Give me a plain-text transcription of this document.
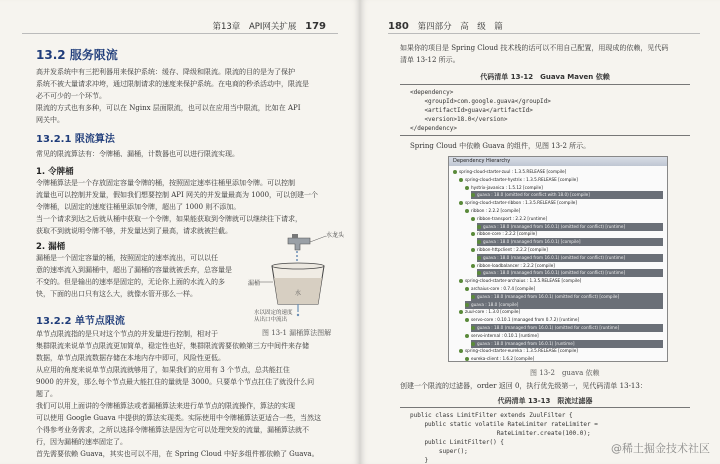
第13章 API网关扩展 179
13.2 服务限流
高并发系统中有三把利器用来保护系统：缓存、降级和限流。限流的目的是为了保护
系统不被大量请求冲垮，通过限制请求的速度来保护系统。在电商的秒杀活动中，限流是
必不可少的一个环节。
限流的方式也有多种，可以在 Nginx 层面限流，也可以在应用当中限流，比如在 API
网关中。
13.2.1 限流算法
常见的限流算法有：令牌桶、漏桶，计数器也可以进行限流实现。
1. 令牌桶
令牌桶算法是一个存放固定容量令牌的桶，按照固定速率往桶里添加令牌。可以控制
流量也可以控制并发量，假如我们想要控制 API 网关的并发量最高为 1000，可以创建一个
令牌桶，以固定的速度往桶里添加令牌，超出了 1000 则不添加。
当一个请求到达之后就从桶中获取一个令牌，如果能获取到令牌就可以继续往下请求，
获取不到就说明令牌不够，并发量达到了最高，请求就被拦截。
2. 漏桶
漏桶是一个固定容量的桶，按照固定的速率流出，可以以任
意的速率流入到漏桶中，超出了漏桶的容量就被丢弃，总容量是
不变的。但是输出的速率是固定的，无论你上面的水流入的多
快，下面的出口只有这么大，就像水管开那么一样。
水龙头
漏桶
水
水以固定的速度
从出口中流出
图 13-1 漏桶算法图解
13.2.2 单节点限流
单节点限流指的是只对这个节点的并发量进行控制，相对于
集群限流来说单节点限流更加简单，稳定性也好，集群限流需要依赖第三方中间件来存储
数据，单节点限流数据存储在本地内存中即可，风险性更低。
从应用的角度来说单节点限流就够用了，如果我们的应用有 3 个节点，总共能扛住
9000 的并发，那么每个节点最大能扛住的量就是 3000。只要单个节点扛住了就没什么问
题了。
我们可以用上面讲的令牌桶算法或者漏桶算法来进行单节点的限流操作，算法的实现
可以使用 Google Guava 中提供的算法实现类。实际使用中令牌桶算法更适合一些，当然这
个得参考业务需求，之所以选择令牌桶算法是因为它可以处理突发的流量，漏桶算法就不
行，因为漏桶的速率固定了。
首先需要依赖 Guava，其实也可以不用，在 Spring Cloud 中好多组件都依赖了 Guava。
180 第四部分 高　级　篇
如果你的项目是 Spring Cloud 技术栈的话可以不用自己配置，用现成的依赖，见代码
清单 13-12 所示。
代码清单 13-12　Guava Maven 依赖
<dependency>
<groupId>com.google.guava</groupId>
<artifactId>guava</artifactId>
<version>18.0</version>
</dependency>
Spring Cloud 中依赖 Guava 的组件，见图 13-2 所示。
Dependency Hierarchy
spring-cloud-starter-zuul : 1.3.5.RELEASE [compile]
spring-cloud-starter-hystrix : 1.3.5.RELEASE [compile]
hystrix-javanica : 1.5.12 [compile]
guava : 18.0 (omitted for conflict with 18.0) [compile]
spring-cloud-starter-ribbon : 1.3.5.RELEASE [compile]
ribbon : 2.2.2 [compile]
ribbon-transport : 2.2.2 [runtime]
guava : 18.0 (managed from 16.0.1) (omitted for conflict) [runtime]
ribbon-core : 2.2.2 [compile]
guava : 18.0 (managed from 16.0.1) [compile]
ribbon-httpclient : 2.2.2 [compile]
guava : 18.0 (managed from 16.0.1) (omitted for conflict) [runtime]
ribbon-loadbalancer : 2.2.2 [compile]
guava : 18.0 (managed from 16.0.1) (omitted for conflict) [runtime]
spring-cloud-starter-archaius : 1.3.5.RELEASE [compile]
archaius-core : 0.7.4 [compile]
guava : 18.0 (managed from 16.0.1) (omitted for conflict) [compile]
guava : 18.0 [compile]
zuul-core : 1.3.0 [compile]
servo-core : 0.10.1 (managed from 0.7.2) [runtime]
guava : 18.0 (managed from 16.0.1) (omitted for conflict) [runtime]
servo-internal : 0.10.1 [runtime]
guava : 18.0 (managed from 16.0.1) [runtime]
spring-cloud-starter-eureka : 1.3.5.RELEASE [compile]
eureka-client : 1.6.2 [compile]
图 13-2　guava 依赖
创建一个限流的过滤器，order 返回 0，执行优先级第一，见代码清单 13-13：
代码清单 13-13　限流过滤器
public class LimitFilter extends ZuulFilter {
public static volatile RateLimiter rateLimiter =
RateLimiter.create(100.0);
public LimitFilter() {
super();
}
@稀土掘金技术社区
